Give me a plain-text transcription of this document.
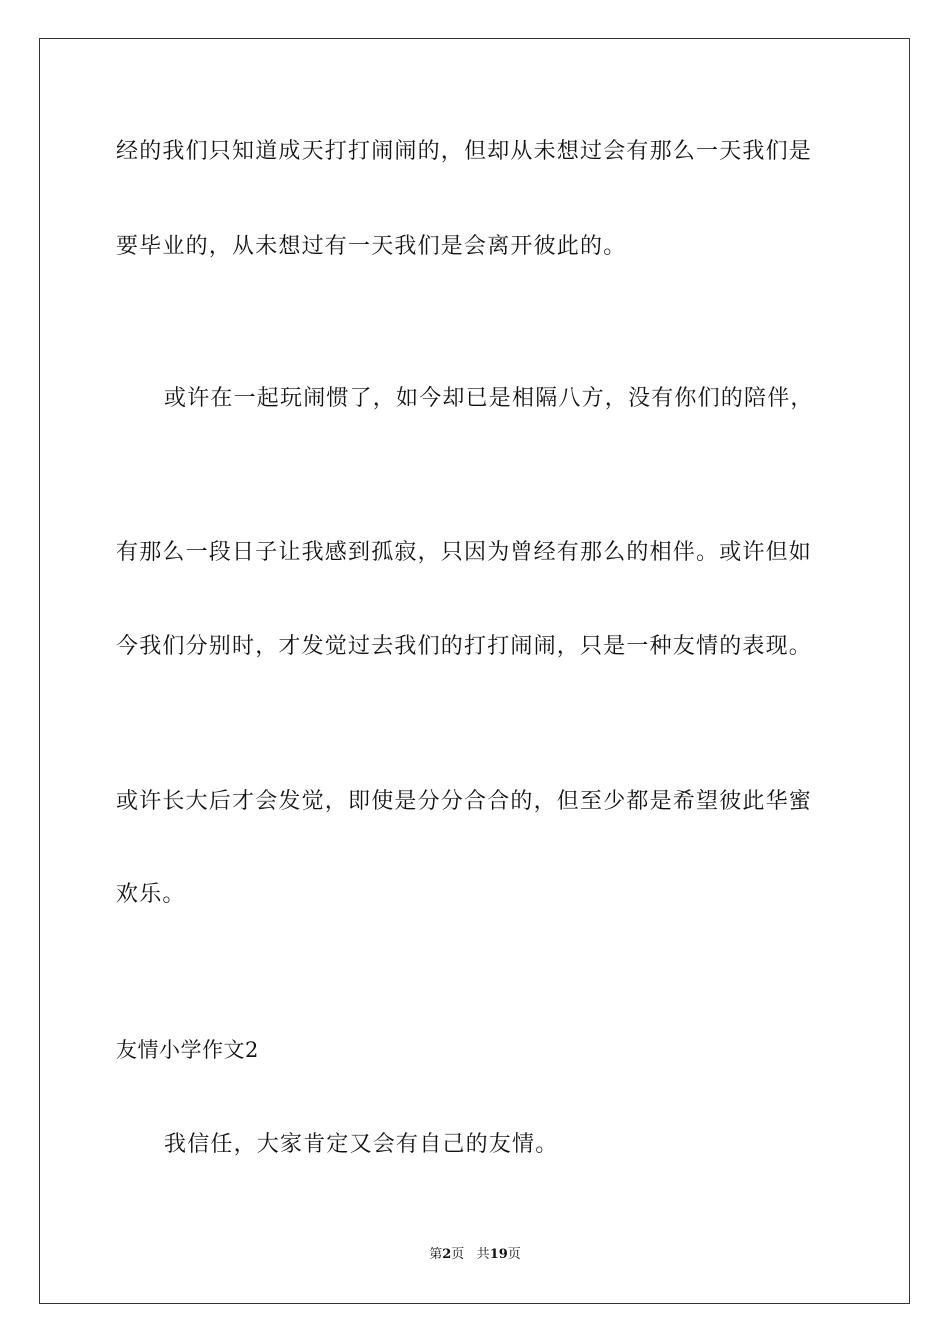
经的我们只知道成天打打闹闹的，但却从未想过会有那么一天我们是
要毕业的，从未想过有一天我们是会离开彼此的。
或许在一起玩闹惯了，如今却已是相隔八方，没有你们的陪伴，
有那么一段日子让我感到孤寂，只因为曾经有那么的相伴。或许但如
今我们分别时，才发觉过去我们的打打闹闹，只是一种友情的表现。
或许长大后才会发觉，即使是分分合合的，但至少都是希望彼此华蜜
欢乐。
友情小学作文2
我信任，大家肯定又会有自己的友情。
第2页 共19页
